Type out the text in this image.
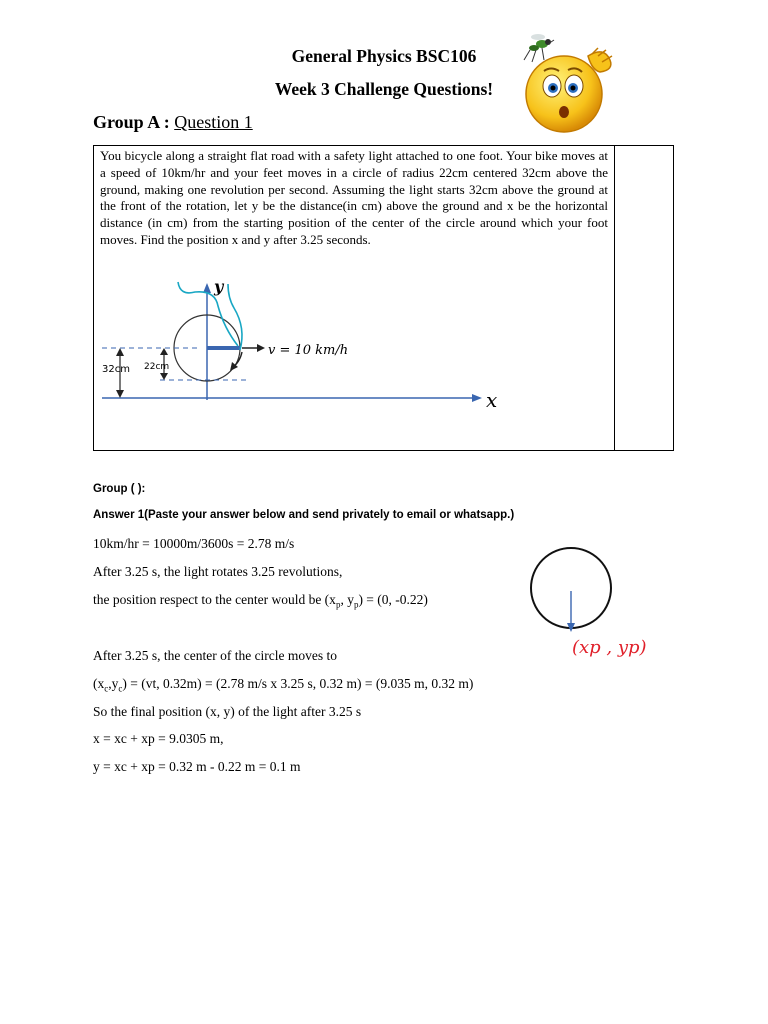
General Physics BSC106
Week 3 Challenge Questions!
Group A : Question 1
You bicycle along a straight flat road with a safety light attached to one foot. Your bike moves at a speed of 10km/hr and your feet moves in a circle of radius 22cm centered 32cm above the ground, making one revolution per second. Assuming the light starts 32cm above the ground at the front of the rotation, let y be the distance(in cm) above the ground and x be the horizontal distance (in cm) from the starting position of the center of the circle around which your foot moves. Find the position x and y after 3.25 seconds.
x
y
v = 10 km/h
32cm 22cm
Group ( ):
Answer 1(Paste your answer below and send privately to email or whatsapp.)
10km/hr = 10000m/3600s = 2.78 m/s
After 3.25 s, the light rotates 3.25 revolutions,
the position respect to the center would be ($x_p$, $y_p) = (0$, -0.22)
(xp , yp)
After 3.25 s, the center of the circle moves to
$(x_c,y_c) = (vt$, 0.32m) = (2.78 m/s x 3.25 s, 0.32 m) = (9.035 m, 0.32 m)
So the final position (x, y) of the light after 3.25 s
x = xc + xp = 9.0305 m,
y = xc + xp = 0.32 m - 0.22 m = 0.1 m
